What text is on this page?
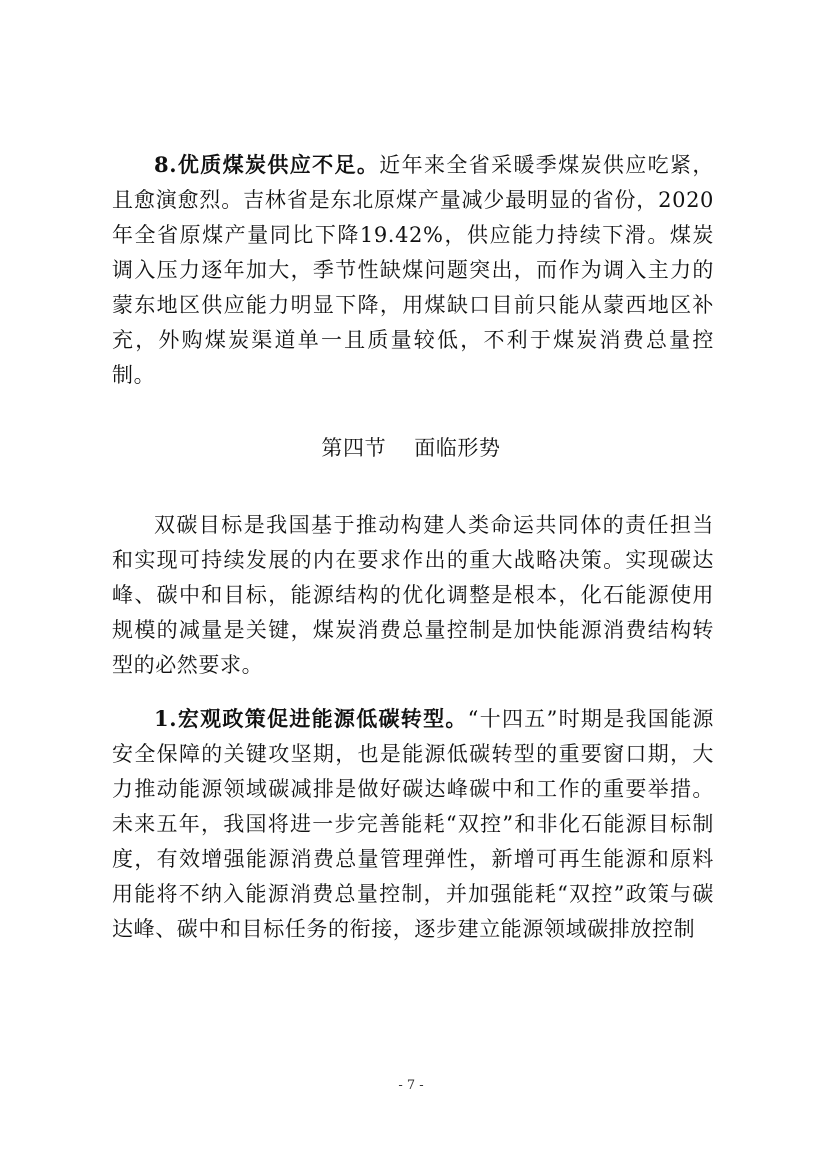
8.优质煤炭供应不足。近年来全省采暖季煤炭供应吃紧，且愈演愈烈。吉林省是东北原煤产量减少最明显的省份，2020年全省原煤产量同比下降19.42%，供应能力持续下滑。煤炭调入压力逐年加大，季节性缺煤问题突出，而作为调入主力的蒙东地区供应能力明显下降，用煤缺口目前只能从蒙西地区补充，外购煤炭渠道单一且质量较低，不利于煤炭消费总量控制。

第四节 面临形势

双碳目标是我国基于推动构建人类命运共同体的责任担当和实现可持续发展的内在要求作出的重大战略决策。实现碳达峰、碳中和目标，能源结构的优化调整是根本，化石能源使用规模的减量是关键，煤炭消费总量控制是加快能源消费结构转型的必然要求。

1.宏观政策促进能源低碳转型。“十四五”时期是我国能源安全保障的关键攻坚期，也是能源低碳转型的重要窗口期，大力推动能源领域碳减排是做好碳达峰碳中和工作的重要举措。未来五年，我国将进一步完善能耗“双控”和非化石能源目标制度，有效增强能源消费总量管理弹性，新增可再生能源和原料用能将不纳入能源消费总量控制，并加强能耗“双控”政策与碳达峰、碳中和目标任务的衔接，逐步建立能源领域碳排放控制

- 7 -
